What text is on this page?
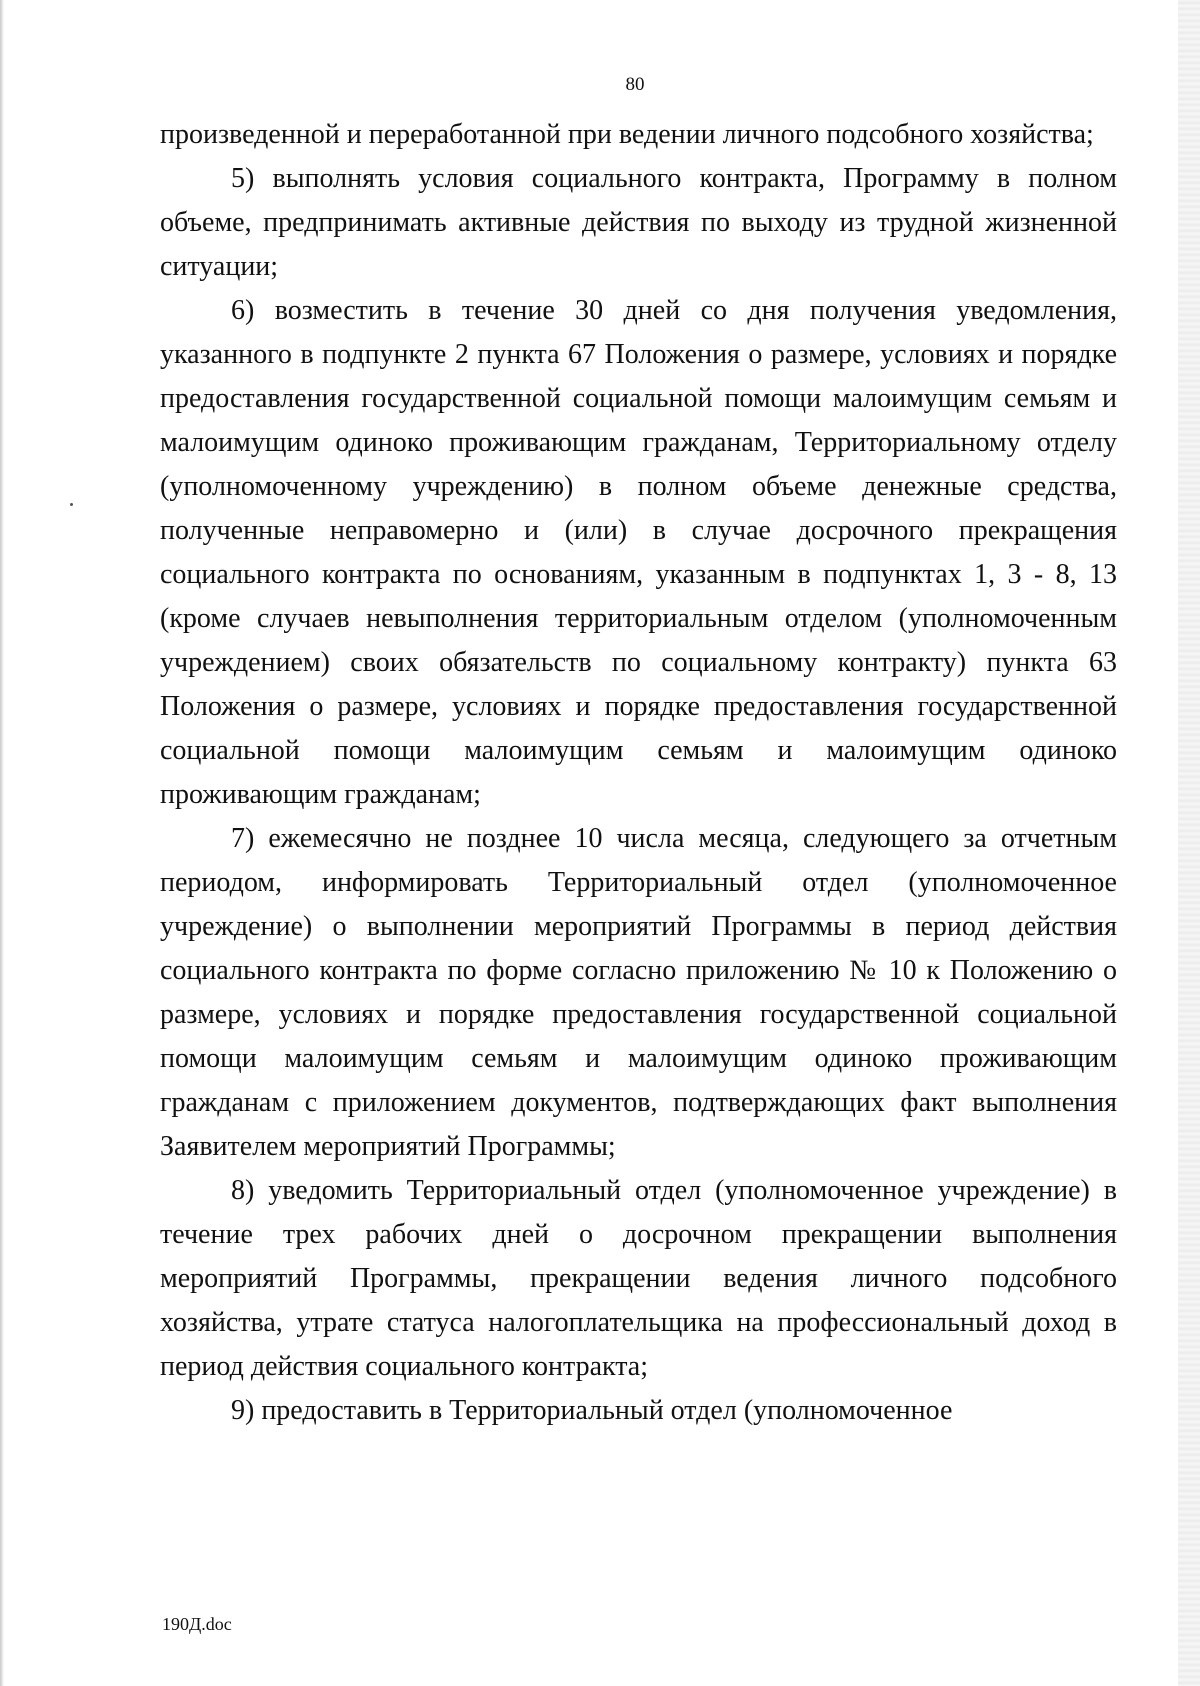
80

произведенной и переработанной при ведении личного подсобного хозяйства;

5) выполнять условия социального контракта, Программу в полном объеме, предпринимать активные действия по выходу из трудной жизненной ситуации;

6) возместить в течение 30 дней со дня получения уведомления, указанного в подпункте 2 пункта 67 Положения о размере, условиях и порядке предоставления государственной социальной помощи малоимущим семьям и малоимущим одиноко проживающим гражданам, Территориальному отделу (уполномоченному учреждению) в полном объеме денежные средства, полученные неправомерно и (или) в случае досрочного прекращения социального контракта по основаниям, указанным в подпунктах 1, 3 - 8, 13 (кроме случаев невыполнения территориальным отделом (уполномоченным учреждением) своих обязательств по социальному контракту) пункта 63 Положения о размере, условиях и порядке предоставления государственной социальной помощи малоимущим семьям и малоимущим одиноко проживающим гражданам;

7) ежемесячно не позднее 10 числа месяца, следующего за отчетным периодом, информировать Территориальный отдел (уполномоченное учреждение) о выполнении мероприятий Программы в период действия социального контракта по форме согласно приложению № 10 к Положению о размере, условиях и порядке предоставления государственной социальной помощи малоимущим семьям и малоимущим одиноко проживающим гражданам с приложением документов, подтверждающих факт выполнения Заявителем мероприятий Программы;

8) уведомить Территориальный отдел (уполномоченное учреждение) в течение трех рабочих дней о досрочном прекращении выполнения мероприятий Программы, прекращении ведения личного подсобного хозяйства, утрате статуса налогоплательщика на профессиональный доход в период действия социального контракта;

9) предоставить в Территориальный отдел (уполномоченное

190Д.doc
